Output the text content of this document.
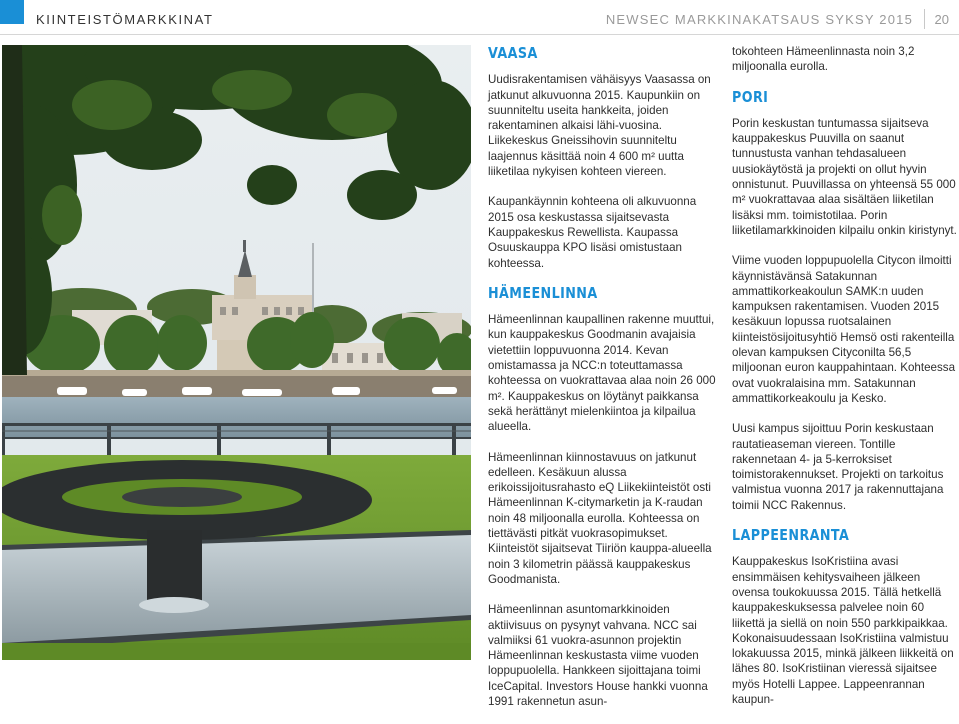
KIINTEISTÖMARKKINAT	NEWSEC MARKKINAKATSAUS SYKSY 2015 20
VAASA

Uudisrakentamisen vähäisyys Vaasassa on jatkunut alkuvuonna 2015. Kaupunkiin on suunniteltu useita hankkeita, joiden rakentaminen alkaisi lähi-vuosina. Liikekeskus Gneissihovin suunniteltu laajennus käsittää noin 4 600 m² uutta liiketilaa nykyisen kohteen viereen.

Kaupankäynnin kohteena oli alkuvuonna 2015 osa keskustassa sijaitsevasta Kauppakeskus Rewellista. Kaupassa Osuuskauppa KPO lisäsi omistustaan kohteessa.

HÄMEENLINNA

Hämeenlinnan kaupallinen rakenne muuttui, kun kauppakeskus Goodmanin avajaisia vietettiin loppuvuonna 2014. Kevan omistamassa ja NCC:n toteuttamassa kohteessa on vuokrattavaa alaa noin 26 000 m². Kauppakeskus on löytänyt paikkansa sekä herättänyt mielenkiintoa ja kilpailua alueella.

Hämeenlinnan kiinnostavuus on jatkunut edelleen. Kesäkuun alussa erikoissijoitusrahasto eQ Liikekiinteistöt osti Hämeenlinnan K-citymarketin ja K-raudan noin 48 miljoonalla eurolla. Kohteessa on tiettävästi pitkät vuokrasopimukset. Kiinteistöt sijaitsevat Tiiriön kauppa-alueella noin 3 kilometrin päässä kauppakeskus Goodmanista.

Hämeenlinnan asuntomarkkinoiden aktiivisuus on pysynyt vahvana. NCC sai valmiiksi 61 vuokra-asunnon projektin Hämeenlinnan keskustasta viime vuoden loppupuolella. Hankkeen sijoittajana toimi IceCapital. Investors House hankki vuonna 1991 rakennetun asun-

tokohteen Hämeenlinnasta noin 3,2 miljoonalla eurolla.

PORI

Porin keskustan tuntumassa sijaitseva kauppakeskus Puuvilla on saanut tunnustusta vanhan tehdasalueen uusiokäytöstä ja projekti on ollut hyvin onnistunut. Puuvillassa on yhteensä 55 000 m² vuokrattavaa alaa sisältäen liiketilan lisäksi mm. toimistotilaa. Porin liiketilamarkkinoiden kilpailu onkin kiristynyt.

Viime vuoden loppupuolella Citycon ilmoitti käynnistävänsä Satakunnan ammattikorkeakoulun SAMK:n uuden kampuksen rakentamisen. Vuoden 2015 kesäkuun lopussa ruotsalainen kiinteistösijoitusyhtiö Hemsö osti rakenteilla olevan kampuksen Cityconilta 56,5 miljoonan euron kauppahintaan. Kohteessa ovat vuokralaisina mm. Satakunnan ammattikorkeakoulu ja Kesko.

Uusi kampus sijoittuu Porin keskustaan rautatieaseman viereen. Tontille rakennetaan 4- ja 5-kerroksiset toimistorakennukset. Projekti on tarkoitus valmistua vuonna 2017 ja rakennuttajana toimii NCC Rakennus.

LAPPEENRANTA

Kauppakeskus IsoKristiina avasi ensimmäisen kehitysvaiheen jälkeen ovensa toukokuussa 2015. Tällä hetkellä kauppakeskuksessa palvelee noin 60 liikettä ja siellä on noin 550 parkkipaikkaa. Kokonaisuudessaan IsoKristiina valmistuu lokakuussa 2015, minkä jälkeen liikkeitä on lähes 80. IsoKristiinan vieressä sijaitsee myös Hotelli Lappee. Lappeenrannan kaupun-
